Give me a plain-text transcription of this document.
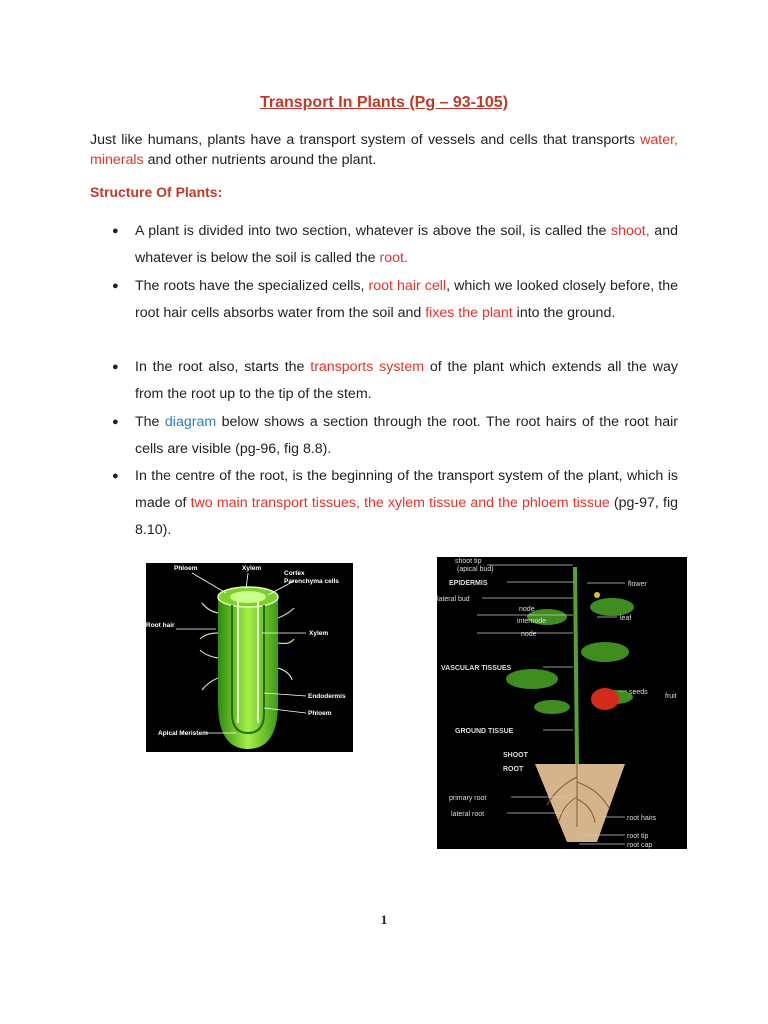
Transport In Plants (Pg – 93-105)
Just like humans, plants have a transport system of vessels and cells that transports water, minerals and other nutrients around the plant.
Structure Of Plants:
● A plant is divided into two section, whatever is above the soil, is called the shoot, and whatever is below the soil is called the root.
● The roots have the specialized cells, root hair cell, which we looked closely before, the root hair cells absorbs water from the soil and fixes the plant into the ground.
● In the root also, starts the transports system of the plant which extends all the way from the root up to the tip of the stem.
● The diagram below shows a section through the root. The root hairs of the root hair cells are visible (pg-96, fig 8.8).
● In the centre of the root, is the beginning of the transport system of the plant, which is made of two main transport tissues, the xylem tissue and the phloem tissue (pg-97, fig 8.10).
Phloem	Xylem
Cortex
Parenchyma cells
Root hair
Xylem
Endodermis
Phloem
Apical Meristem
shoot tip
(apical bud)
EPIDERMIS
lateral bud
node
internode
node
VASCULAR TISSUES
GROUND TISSUE
SHOOT
ROOT
primary root
lateral root
flower
leaf
seeds
fruit
root hairs
root tip
root cap
1
